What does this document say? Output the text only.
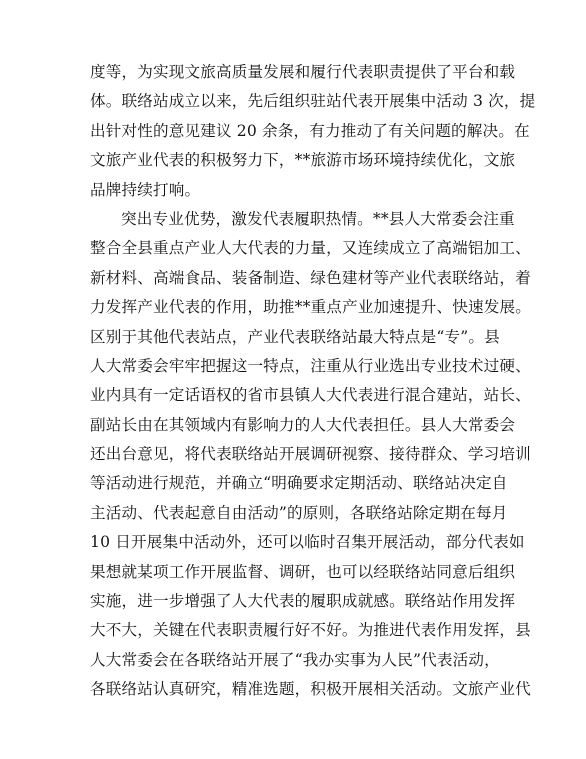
度等，为实现文旅高质量发展和履行代表职责提供了平台和载
体。联络站成立以来，先后组织驻站代表开展集中活动 3 次，提
出针对性的意见建议 20 余条，有力推动了有关问题的解决。在
文旅产业代表的积极努力下，**旅游市场环境持续优化，文旅
品牌持续打响。
突出专业优势，激发代表履职热情。**县人大常委会注重
整合全县重点产业人大代表的力量，又连续成立了高端铝加工、
新材料、高端食品、装备制造、绿色建材等产业代表联络站，着
力发挥产业代表的作用，助推**重点产业加速提升、快速发展。
区别于其他代表站点，产业代表联络站最大特点是“专”。县
人大常委会牢牢把握这一特点，注重从行业选出专业技术过硬、
业内具有一定话语权的省市县镇人大代表进行混合建站，站长、
副站长由在其领域内有影响力的人大代表担任。县人大常委会
还出台意见，将代表联络站开展调研视察、接待群众、学习培训
等活动进行规范，并确立“明确要求定期活动、联络站决定自
主活动、代表起意自由活动”的原则，各联络站除定期在每月
10 日开展集中活动外，还可以临时召集开展活动，部分代表如
果想就某项工作开展监督、调研，也可以经联络站同意后组织
实施，进一步增强了人大代表的履职成就感。联络站作用发挥
大不大，关键在代表职责履行好不好。为推进代表作用发挥，县
人大常委会在各联络站开展了“我办实事为人民”代表活动，
各联络站认真研究，精准选题，积极开展相关活动。文旅产业代
